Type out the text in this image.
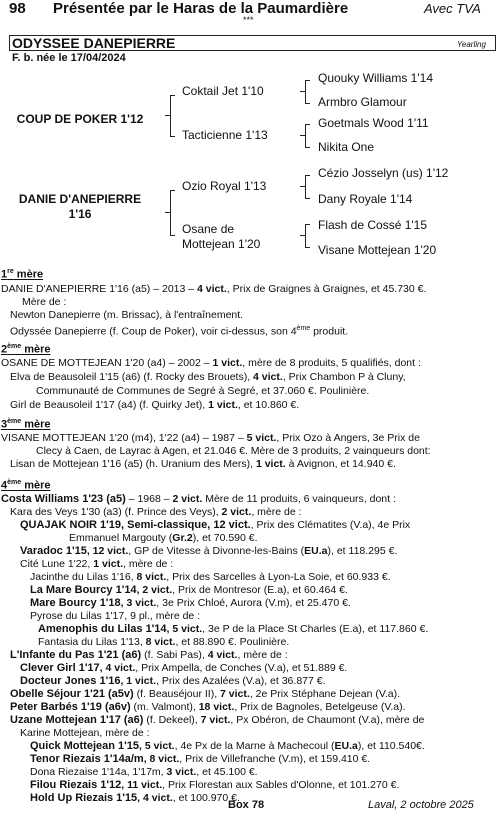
98 Présentée par le Haras de la Paumardière	Avec TVA
***
ODYSSEE DANEPIERRE	Yearling
F. b. née le 17/04/2024
COUP DE POKER 1'12
DANIE D'ANEPIERRE
1'16
Coktail Jet 1'10
Tacticienne 1'13
Ozio Royal 1'13
Osane de
Mottejean 1'20
Quouky Williams 1'14
Armbro Glamour
Goetmals Wood 1'11
Nikita One
Cézio Josselyn (us) 1'12
Dany Royale 1'14
Flash de Cossé 1'15
Visane Mottejean 1'20
1re mère
DANIE D'ANEPIERRE 1'16 (a5) – 2013 – 4 vict., Prix de Graignes à Graignes, et 45.730 €.
Mère de :
Newton Danepierre (m. Brissac), à l'entraînement.
Odyssée Danepierre (f. Coup de Poker), voir ci-dessus, son 4ème produit.
2ème mère
OSANE DE MOTTEJEAN 1'20 (a4) – 2002 – 1 vict., mère de 8 produits, 5 qualifiés, dont :
Elva de Beausoleil 1'15 (a6) (f. Rocky des Brouets), 4 vict., Prix Chambon P à Cluny,
Communauté de Communes de Segré à Segré, et 37.060 €. Poulinière.
Girl de Beausoleil 1'17 (a4) (f. Quirky Jet), 1 vict., et 10.860 €.
3ème mère
VISANE MOTTEJEAN 1'20 (m4), 1'22 (a4) – 1987 – 5 vict., Prix Ozo à Angers, 3e Prix de
Clecy à Caen, de Layrac à Agen, et 21.046 €. Mère de 3 produits, 2 vainqueurs dont:
Lisan de Mottejean 1'16 (a5) (h. Uranium des Mers), 1 vict. à Avignon, et 14.940 €.
4ème mère
Costa Williams 1'23 (a5) – 1968 – 2 vict. Mère de 11 produits, 6 vainqueurs, dont :
Kara des Veys 1'30 (a3) (f. Prince des Veys), 2 vict., mère de :
QUAJAK NOIR 1'19, Semi-classique, 12 vict., Prix des Clématites (V.a), 4e Prix
Emmanuel Margouty (Gr.2), et 70.590 €.
Varadoc 1'15, 12 vict., GP de Vitesse à Divonne-les-Bains (EU.a), et 118.295 €.
Cité Lune 1'22, 1 vict., mère de :
Jacinthe du Lilas 1'16, 8 vict., Prix des Sarcelles à Lyon-La Soie, et 60.933 €.
La Mare Bourcy 1'14, 2 vict., Prix de Montresor (E.a), et 60.464 €.
Mare Bourcy 1'18, 3 vict., 3e Prix Chloé, Aurora (V.m), et 25.470 €.
Pyrose du Lilas 1'17, 9 pl., mère de :
Amenophis du Lilas 1'14, 5 vict., 3e P de la Place St Charles (E.a), et 117.860 €.
Fantasia du Lilas 1'13, 8 vict., et 88.890 €. Poulinière.
L'Infante du Pas 1'21 (a6) (f. Sabi Pas), 4 vict., mère de :
Clever Girl 1'17, 4 vict., Prix Ampella, de Conches (V.a), et 51.889 €.
Docteur Jones 1'16, 1 vict., Prix des Azalées (V.a), et 36.877 €.
Obelle Séjour 1'21 (a5v) (f. Beauséjour II), 7 vict., 2e Prix Stéphane Dejean (V.a).
Peter Barbés 1'19 (a6v) (m. Valmont), 18 vict., Prix de Bagnoles, Betelgeuse (V.a).
Uzane Mottejean 1'17 (a6) (f. Dekeel), 7 vict., Px Obéron, de Chaumont (V.a), mère de
Karine Mottejean, mère de :
Quick Mottejean 1'15, 5 vict., 4e Px de la Marne à Machecoul (EU.a), et 110.540€.
Tenor Riezais 1'14a/m, 8 vict., Prix de Villefranche (V.m), et 159.410 €.
Dona Riezaise 1'14a, 1'17m, 3 vict., et 45.100 €.
Filou Riezais 1'12, 11 vict., Prix Florestan aux Sables d'Olonne, et 101.270 €.
Hold Up Riezais 1'15, 4 vict., et 100.970 €.
Box 78	Laval, 2 octobre 2025
